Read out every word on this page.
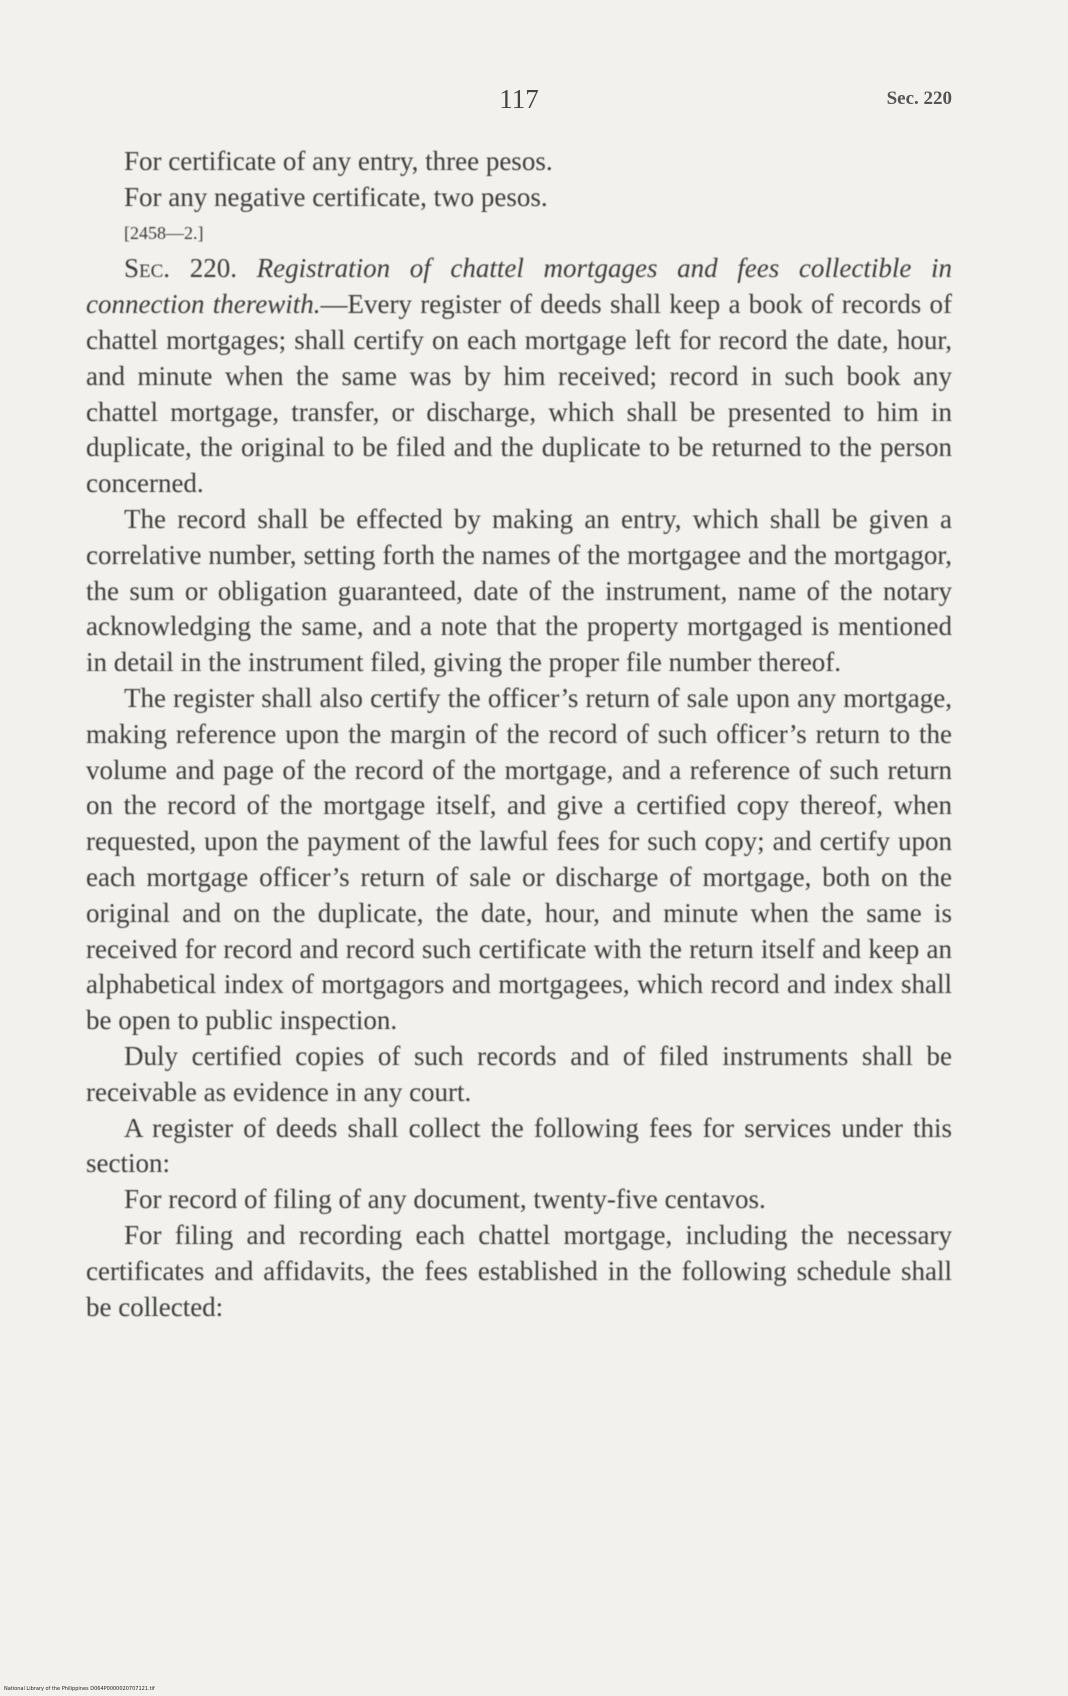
117	Sec. 220

For certificate of any entry, three pesos.

For any negative certificate, two pesos.

[2458—2.]

Sec. 220. Registration of chattel mortgages and fees collectible in connection therewith.—Every register of deeds shall keep a book of records of chattel mortgages; shall certify on each mortgage left for record the date, hour, and minute when the same was by him received; record in such book any chattel mortgage, transfer, or discharge, which shall be presented to him in duplicate, the original to be filed and the duplicate to be returned to the person concerned.

The record shall be effected by making an entry, which shall be given a correlative number, setting forth the names of the mortgagee and the mortgagor, the sum or obligation guaranteed, date of the instrument, name of the notary acknowledging the same, and a note that the property mortgaged is mentioned in detail in the instrument filed, giving the proper file number thereof.

The register shall also certify the officer’s return of sale upon any mortgage, making reference upon the margin of the record of such officer’s return to the volume and page of the record of the mortgage, and a reference of such return on the record of the mortgage itself, and give a certified copy thereof, when requested, upon the payment of the lawful fees for such copy; and certify upon each mortgage officer’s return of sale or discharge of mortgage, both on the original and on the duplicate, the date, hour, and minute when the same is received for record and record such certificate with the return itself and keep an alphabetical index of mortgagors and mortgagees, which record and index shall be open to public inspection.

Duly certified copies of such records and of filed instruments shall be receivable as evidence in any court.

A register of deeds shall collect the following fees for services under this section:

For record of filing of any document, twenty-five centavos.

For filing and recording each chattel mortgage, including the necessary certificates and affidavits, the fees established in the following schedule shall be collected:

National Library of the Philippines D064P0000020707121.tif
